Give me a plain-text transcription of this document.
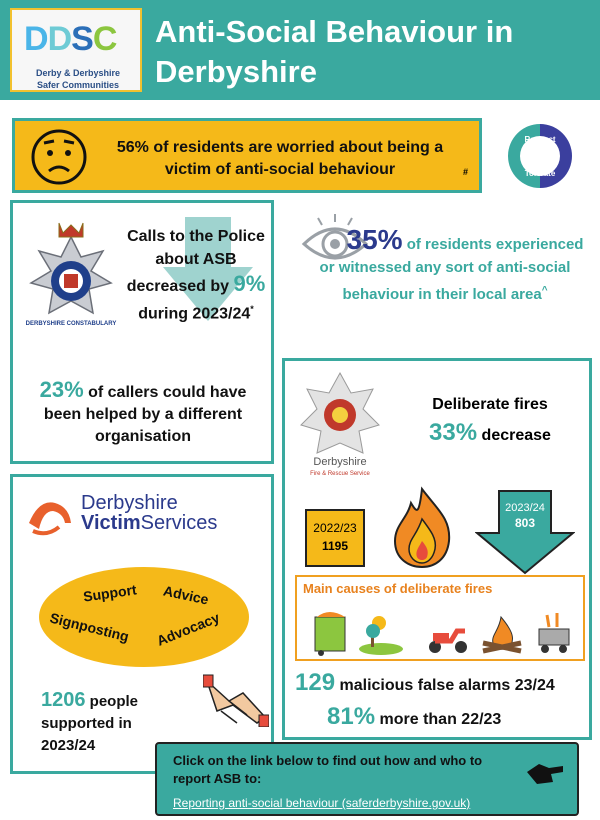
DDSC
Derby & Derbyshire
Safer Communities
Anti-Social Behaviour in
Derbyshire
56% of residents are worried about being a victim of anti-social behaviour	#
Respect
Tolerate
DERBYSHIRE CONSTABULARY
Calls to the Police about ASB decreased by 9% during 2023/24*
23% of callers could have been helped by a different organisation
35% of residents experienced or witnessed any sort of anti-social behaviour in their local area^
Derbyshire
Fire & Rescue Service
Deliberate fires
33% decrease
2022/23
1195
2023/24
803
Main causes of deliberate fires
129 malicious false alarms 23/24
81% more than 22/23
Derbyshire
VictimServices
Support Advice
Signposting Advocacy
1206 people
supported in
2023/24
Click on the link below to find out how and who to report ASB to:
Reporting anti-social behaviour (saferderbyshire.gov.uk)
